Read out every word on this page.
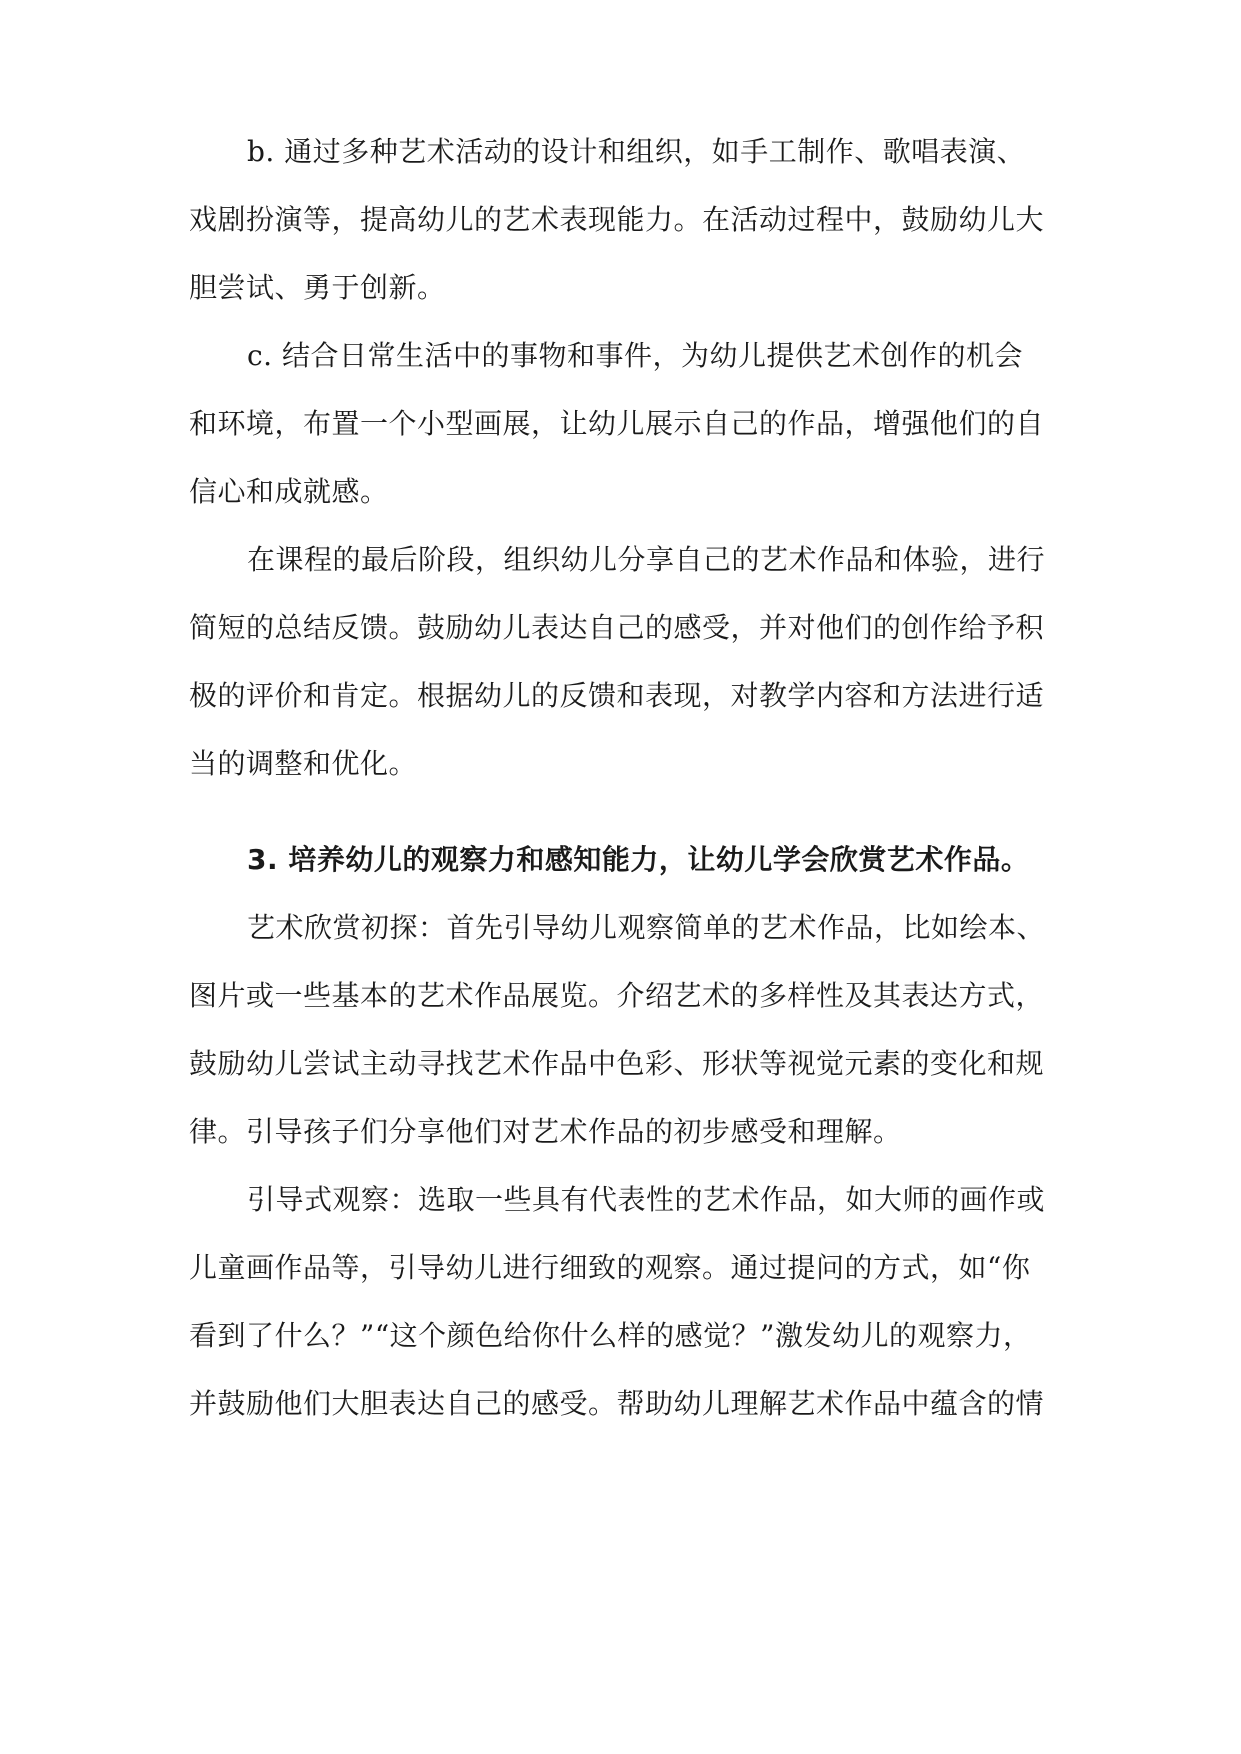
b. 通过多种艺术活动的设计和组织，如手工制作、歌唱表演、
戏剧扮演等，提高幼儿的艺术表现能力。在活动过程中，鼓励幼儿大
胆尝试、勇于创新。
c. 结合日常生活中的事物和事件，为幼儿提供艺术创作的机会
和环境，布置一个小型画展，让幼儿展示自己的作品，增强他们的自
信心和成就感。
在课程的最后阶段，组织幼儿分享自己的艺术作品和体验，进行
简短的总结反馈。鼓励幼儿表达自己的感受，并对他们的创作给予积
极的评价和肯定。根据幼儿的反馈和表现，对教学内容和方法进行适
当的调整和优化。
3. 培养幼儿的观察力和感知能力，让幼儿学会欣赏艺术作品。
艺术欣赏初探：首先引导幼儿观察简单的艺术作品，比如绘本、
图片或一些基本的艺术作品展览。介绍艺术的多样性及其表达方式，
鼓励幼儿尝试主动寻找艺术作品中色彩、形状等视觉元素的变化和规
律。引导孩子们分享他们对艺术作品的初步感受和理解。
引导式观察：选取一些具有代表性的艺术作品，如大师的画作或
儿童画作品等，引导幼儿进行细致的观察。通过提问的方式，如“你
看到了什么？”“这个颜色给你什么样的感觉？”激发幼儿的观察力，
并鼓励他们大胆表达自己的感受。帮助幼儿理解艺术作品中蕴含的情
